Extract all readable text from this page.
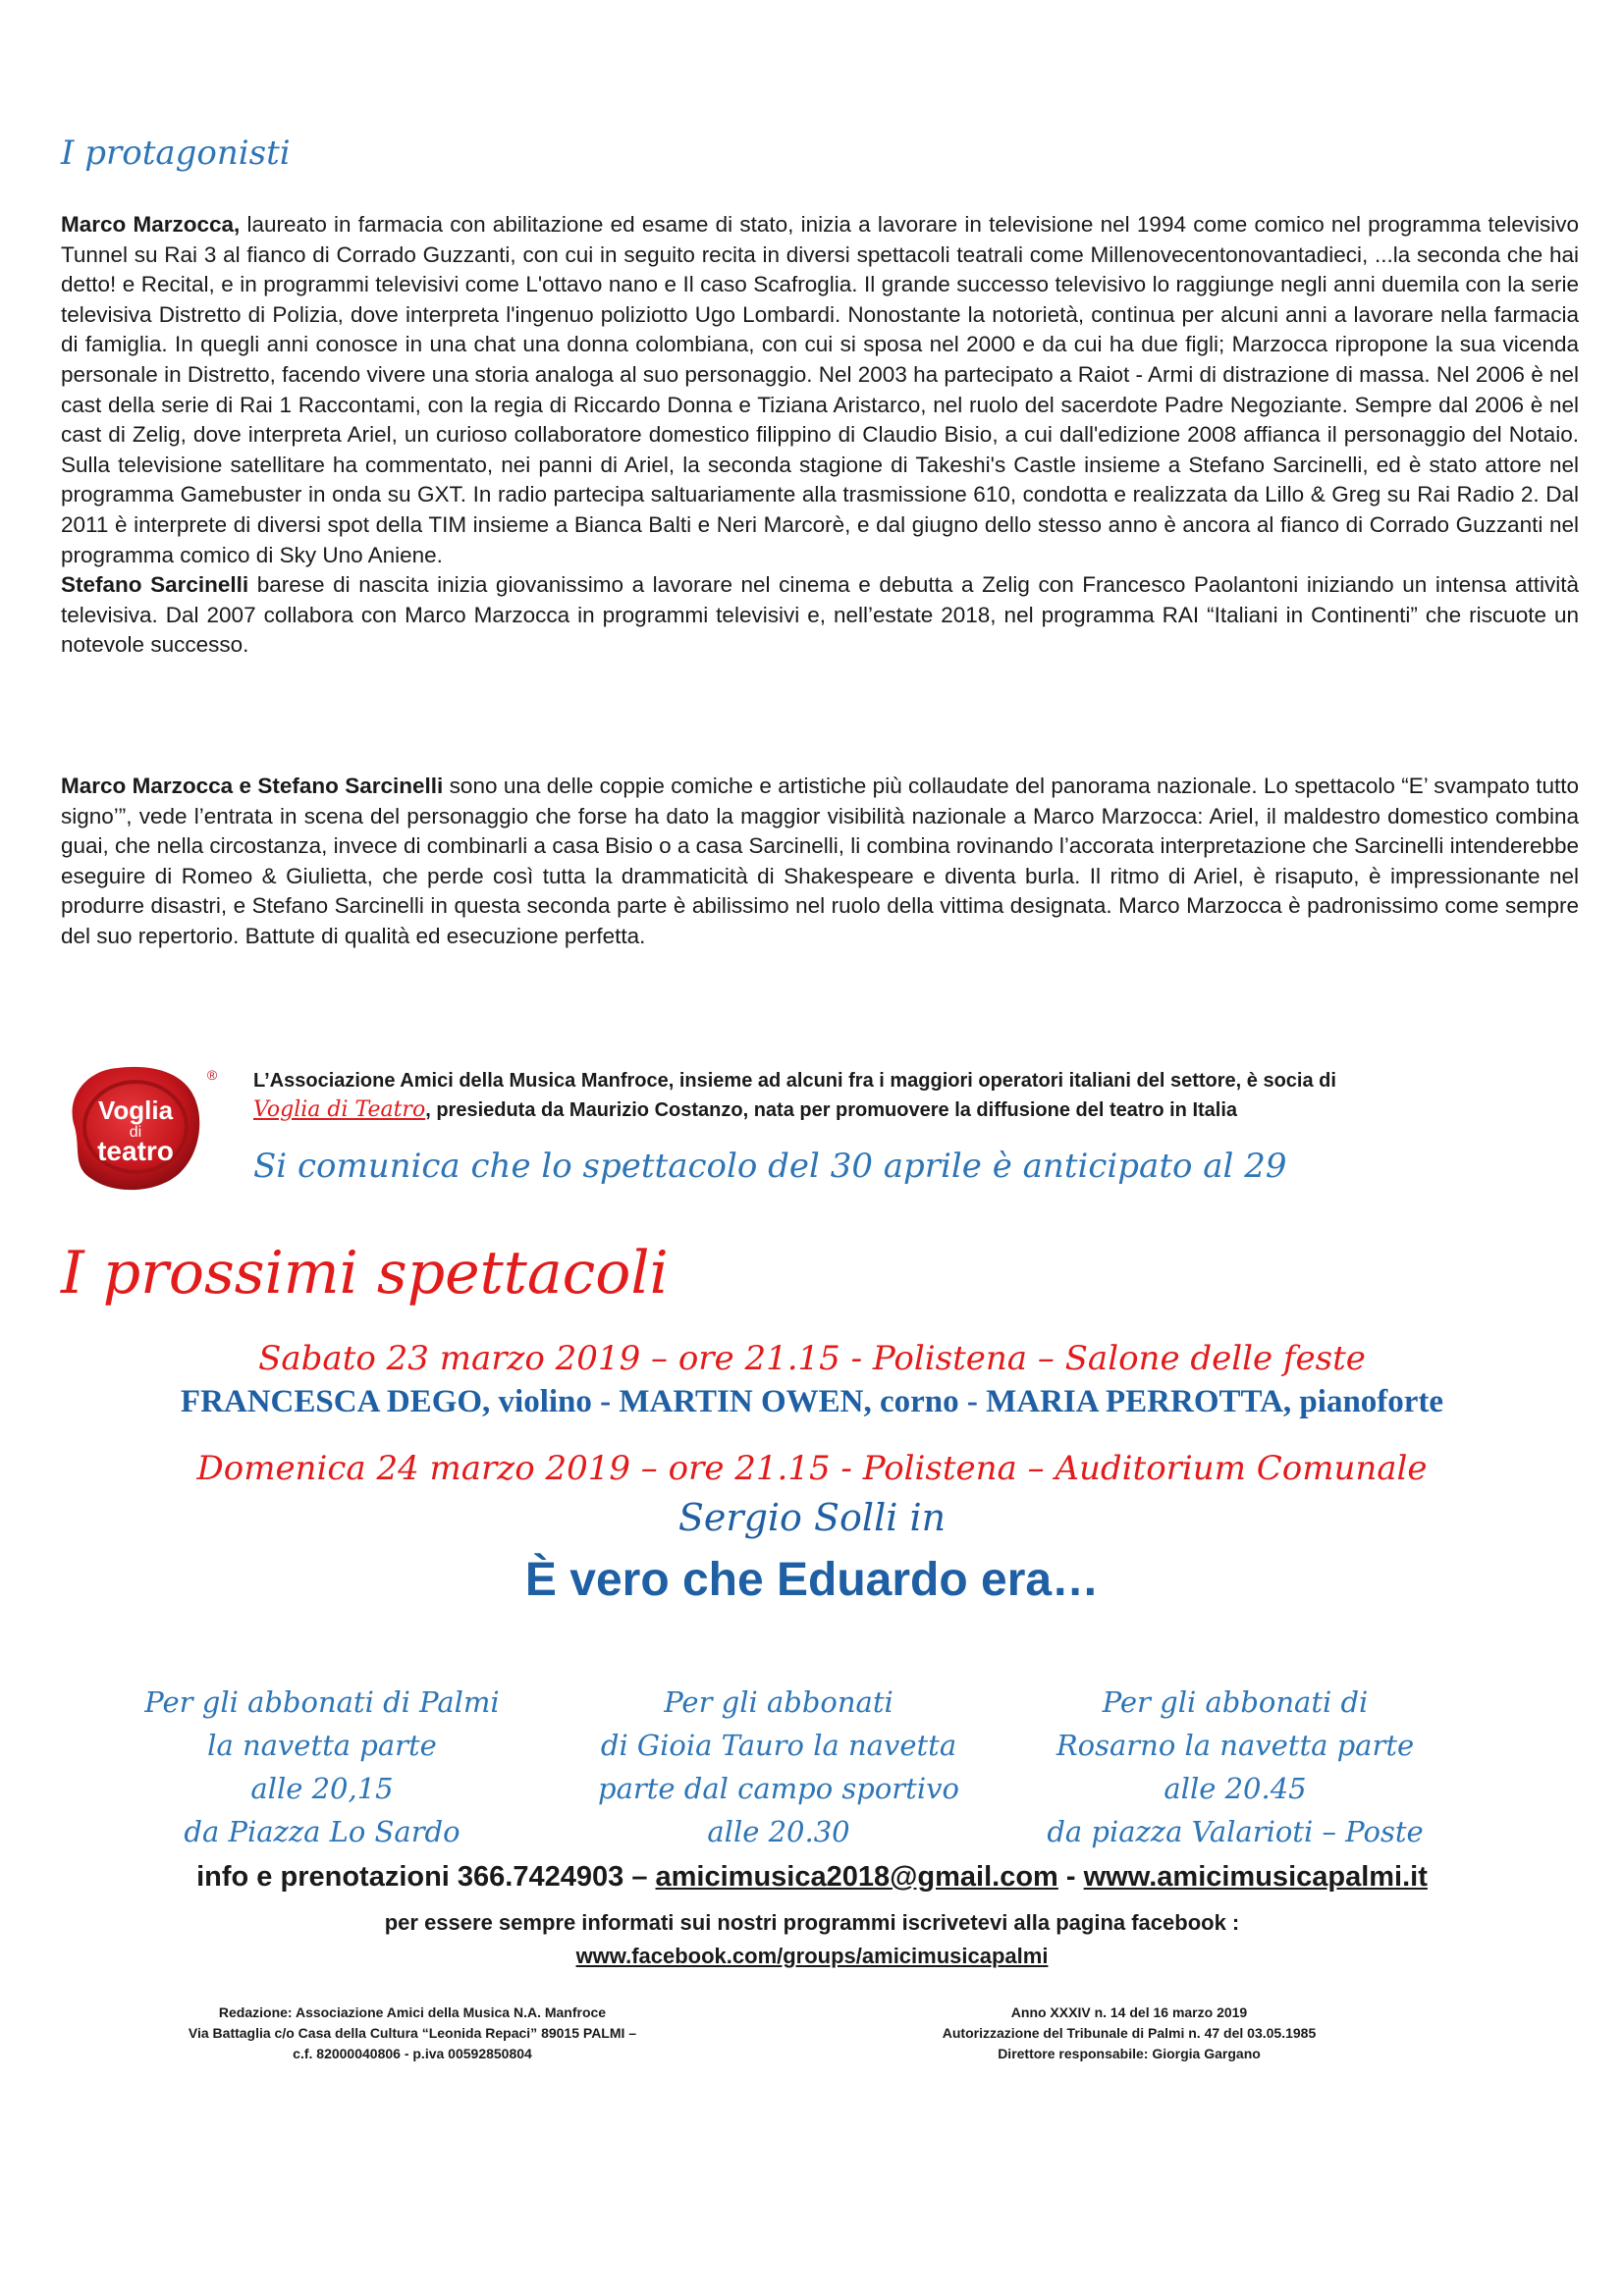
I protagonisti

Marco Marzocca, laureato in farmacia con abilitazione ed esame di stato, inizia a lavorare in televisione nel 1994 come comico nel programma televisivo Tunnel su Rai 3 al fianco di Corrado Guzzanti, con cui in seguito recita in diversi spettacoli teatrali come Millenovecentonovantadieci, ...la seconda che hai detto! e Recital, e in programmi televisivi come L'ottavo nano e Il caso Scafroglia. Il grande successo televisivo lo raggiunge negli anni duemila con la serie televisiva Distretto di Polizia, dove interpreta l'ingenuo poliziotto Ugo Lombardi. Nonostante la notorietà, continua per alcuni anni a lavorare nella farmacia di famiglia. In quegli anni conosce in una chat una donna colombiana, con cui si sposa nel 2000 e da cui ha due figli; Marzocca ripropone la sua vicenda personale in Distretto, facendo vivere una storia analoga al suo personaggio. Nel 2003 ha partecipato a Raiot - Armi di distrazione di massa. Nel 2006 è nel cast della serie di Rai 1 Raccontami, con la regia di Riccardo Donna e Tiziana Aristarco, nel ruolo del sacerdote Padre Negoziante. Sempre dal 2006 è nel cast di Zelig, dove interpreta Ariel, un curioso collaboratore domestico filippino di Claudio Bisio, a cui dall'edizione 2008 affianca il personaggio del Notaio. Sulla televisione satellitare ha commentato, nei panni di Ariel, la seconda stagione di Takeshi's Castle insieme a Stefano Sarcinelli, ed è stato attore nel programma Gamebuster in onda su GXT. In radio partecipa saltuariamente alla trasmissione 610, condotta e realizzata da Lillo & Greg su Rai Radio 2. Dal 2011 è interprete di diversi spot della TIM insieme a Bianca Balti e Neri Marcorè, e dal giugno dello stesso anno è ancora al fianco di Corrado Guzzanti nel programma comico di Sky Uno Aniene.
Stefano Sarcinelli barese di nascita inizia giovanissimo a lavorare nel cinema e debutta a Zelig con Francesco Paolantoni iniziando un intensa attività televisiva. Dal 2007 collabora con Marco Marzocca in programmi televisivi e, nell’estate 2018, nel programma RAI “Italiani in Continenti” che riscuote un notevole successo.

Marco Marzocca e Stefano Sarcinelli sono una delle coppie comiche e artistiche più collaudate del panorama nazionale. Lo spettacolo “E’ svampato tutto signo’”, vede l’entrata in scena del personaggio che forse ha dato la maggior visibilità nazionale a Marco Marzocca: Ariel, il maldestro domestico combina guai, che nella circostanza, invece di combinarli a casa Bisio o a casa Sarcinelli, li combina rovinando l’accorata interpretazione che Sarcinelli intenderebbe eseguire di Romeo & Giulietta, che perde così tutta la drammaticità di Shakespeare e diventa burla. Il ritmo di Ariel, è risaputo, è impressionante nel produrre disastri, e Stefano Sarcinelli in questa seconda parte è abilissimo nel ruolo della vittima designata. Marco Marzocca è padronissimo come sempre del suo repertorio. Battute di qualità ed esecuzione perfetta.

Voglia
di
teatro
® L’Associazione Amici della Musica Manfroce, insieme ad alcuni fra i maggiori operatori italiani del settore, è socia di
Voglia di Teatro, presieduta da Maurizio Costanzo, nata per promuovere la diffusione del teatro in Italia
Si comunica che lo spettacolo del 30 aprile è anticipato al 29
I prossimi spettacoli
Sabato 23 marzo 2019 – ore 21.15 - Polistena – Salone delle feste
FRANCESCA DEGO, violino - MARTIN OWEN, corno - MARIA PERROTTA, pianoforte
Domenica 24 marzo 2019 – ore 21.15 - Polistena – Auditorium Comunale
Sergio Solli in
È vero che Eduardo era…
Per gli abbonati di Palmi
la navetta parte
alle 20,15
da Piazza Lo Sardo
Per gli abbonati
di Gioia Tauro la navetta
parte dal campo sportivo
alle 20.30
Per gli abbonati di
Rosarno la navetta parte
alle 20.45
da piazza Valarioti – Poste
info e prenotazioni 366.7424903 – amicimusica2018@gmail.com - www.amicimusicapalmi.it
per essere sempre informati sui nostri programmi iscrivetevi alla pagina facebook :
www.facebook.com/groups/amicimusicapalmi
Redazione: Associazione Amici della Musica N.A. Manfroce
Via Battaglia c/o Casa della Cultura “Leonida Repaci” 89015 PALMI –
c.f. 82000040806 - p.iva 00592850804
Anno XXXIV n. 14 del 16 marzo 2019
Autorizzazione del Tribunale di Palmi n. 47 del 03.05.1985
Direttore responsabile: Giorgia Gargano
